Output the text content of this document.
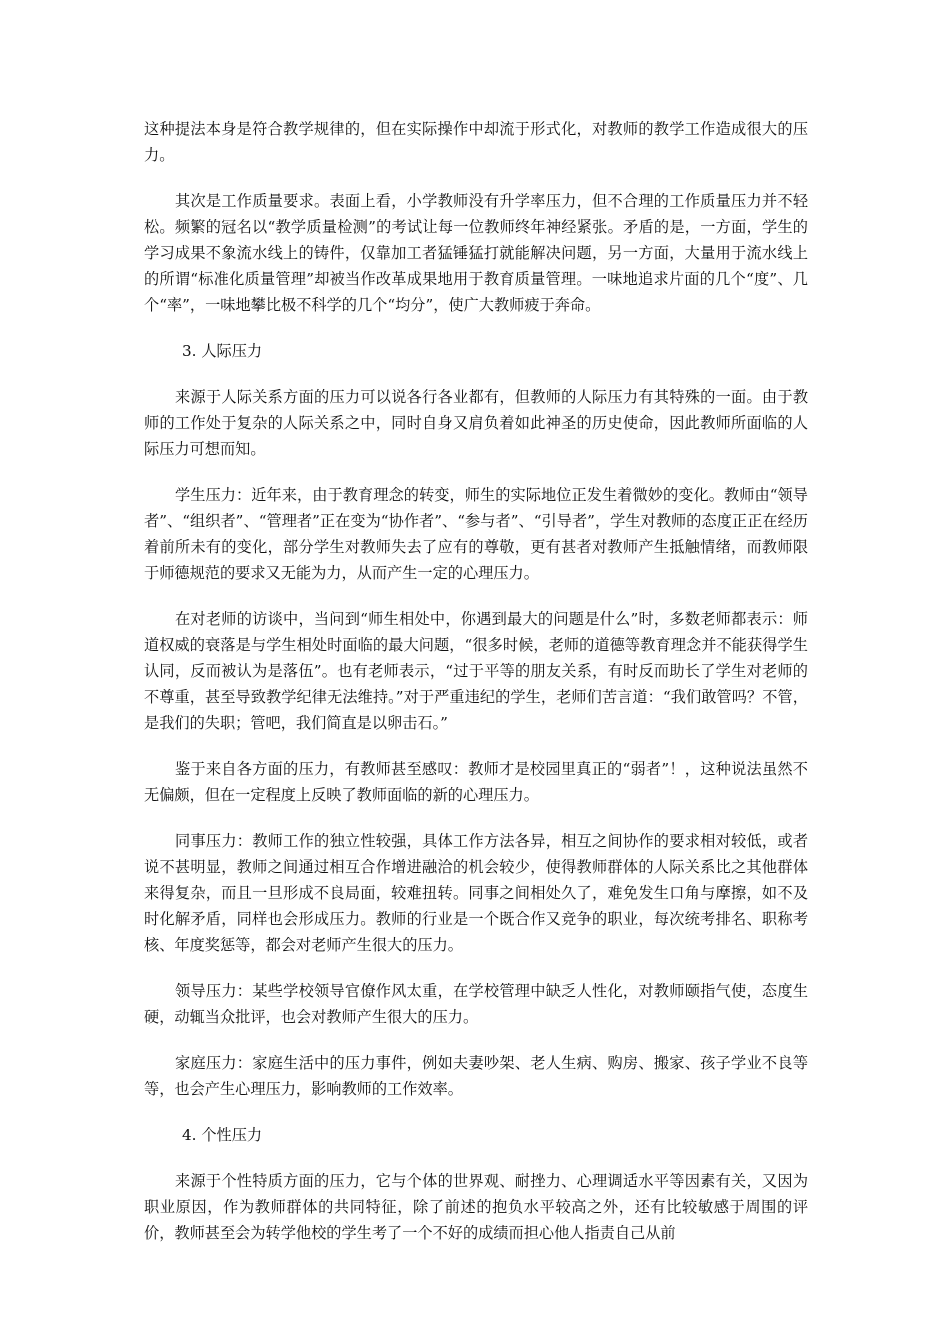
这种提法本身是符合教学规律的，但在实际操作中却流于形式化，对教师的教学工作造成很大的压力。

其次是工作质量要求。表面上看，小学教师没有升学率压力，但不合理的工作质量压力并不轻松。频繁的冠名以“教学质量检测”的考试让每一位教师终年神经紧张。矛盾的是，一方面，学生的学习成果不象流水线上的铸件，仅靠加工者猛锤猛打就能解决问题，另一方面，大量用于流水线上的所谓“标准化质量管理”却被当作改革成果地用于教育质量管理。一味地追求片面的几个“度”、几个“率”，一味地攀比极不科学的几个“均分”，使广大教师疲于奔命。

3. 人际压力

来源于人际关系方面的压力可以说各行各业都有，但教师的人际压力有其特殊的一面。由于教师的工作处于复杂的人际关系之中，同时自身又肩负着如此神圣的历史使命，因此教师所面临的人际压力可想而知。

学生压力：近年来，由于教育理念的转变，师生的实际地位正发生着微妙的变化。教师由“领导者”、“组织者”、“管理者”正在变为“协作者”、“参与者”、“引导者”，学生对教师的态度正正在经历着前所未有的变化，部分学生对教师失去了应有的尊敬，更有甚者对教师产生抵触情绪，而教师限于师德规范的要求又无能为力，从而产生一定的心理压力。

在对老师的访谈中，当问到“师生相处中，你遇到最大的问题是什么”时，多数老师都表示：师道权威的衰落是与学生相处时面临的最大问题，“很多时候，老师的道德等教育理念并不能获得学生认同，反而被认为是落伍”。也有老师表示，“过于平等的朋友关系，有时反而助长了学生对老师的不尊重，甚至导致教学纪律无法维持。”对于严重违纪的学生，老师们苦言道：“我们敢管吗？不管，是我们的失职；管吧，我们简直是以卵击石。”

鉴于来自各方面的压力，有教师甚至感叹：教师才是校园里真正的“弱者”！，这种说法虽然不无偏颇，但在一定程度上反映了教师面临的新的心理压力。

同事压力：教师工作的独立性较强，具体工作方法各异，相互之间协作的要求相对较低，或者说不甚明显，教师之间通过相互合作增进融洽的机会较少，使得教师群体的人际关系比之其他群体来得复杂，而且一旦形成不良局面，较难扭转。同事之间相处久了，难免发生口角与摩擦，如不及时化解矛盾，同样也会形成压力。教师的行业是一个既合作又竞争的职业，每次统考排名、职称考核、年度奖惩等，都会对老师产生很大的压力。

领导压力：某些学校领导官僚作风太重，在学校管理中缺乏人性化，对教师颐指气使，态度生硬，动辄当众批评，也会对教师产生很大的压力。

家庭压力：家庭生活中的压力事件，例如夫妻吵架、老人生病、购房、搬家、孩子学业不良等等，也会产生心理压力，影响教师的工作效率。

4. 个性压力

来源于个性特质方面的压力，它与个体的世界观、耐挫力、心理调适水平等因素有关，又因为职业原因，作为教师群体的共同特征，除了前述的抱负水平较高之外，还有比较敏感于周围的评价，教师甚至会为转学他校的学生考了一个不好的成绩而担心他人指责自己从前
